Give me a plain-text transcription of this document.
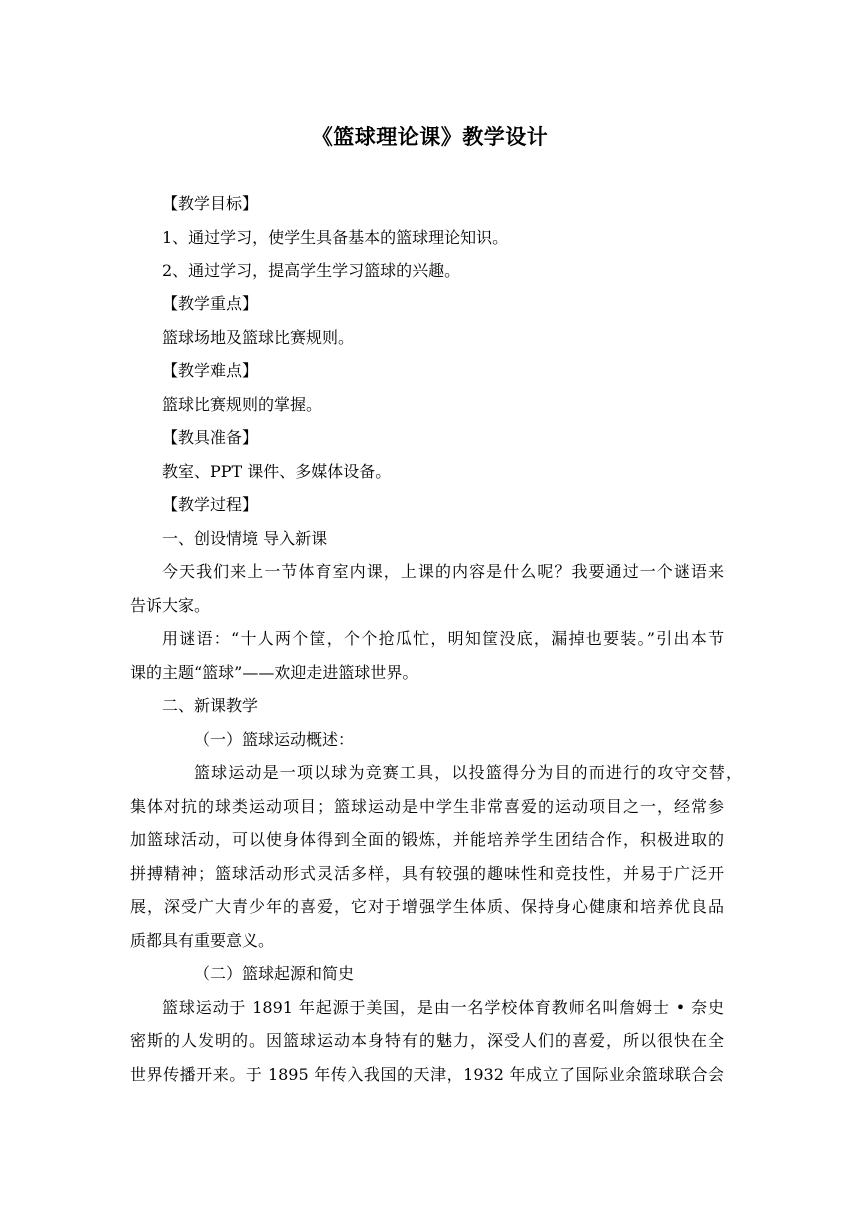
《篮球理论课》教学设计

【教学目标】

1、通过学习，使学生具备基本的篮球理论知识。

2、通过学习，提高学生学习篮球的兴趣。

【教学重点】

篮球场地及篮球比赛规则。

【教学难点】

篮球比赛规则的掌握。

【教具准备】

教室、PPT 课件、多媒体设备。

【教学过程】

一、创设情境 导入新课

今天我们来上一节体育室内课，上课的内容是什么呢？我要通过一个谜语来

告诉大家。

用谜语：“十人两个筐，个个抢瓜忙，明知筐没底，漏掉也要装。”引出本节

课的主题“篮球”——欢迎走进篮球世界。

二、新课教学

（一）篮球运动概述：

篮球运动是一项以球为竞赛工具，以投篮得分为目的而进行的攻守交替，

集体对抗的球类运动项目；篮球运动是中学生非常喜爱的运动项目之一，经常参

加篮球活动，可以使身体得到全面的锻炼，并能培养学生团结合作，积极进取的

拼搏精神；篮球活动形式灵活多样，具有较强的趣味性和竞技性，并易于广泛开

展，深受广大青少年的喜爱，它对于增强学生体质、保持身心健康和培养优良品

质都具有重要意义。

（二）篮球起源和简史

篮球运动于 1891 年起源于美国，是由一名学校体育教师名叫詹姆士 • 奈史

密斯的人发明的。因篮球运动本身特有的魅力，深受人们的喜爱，所以很快在全

世界传播开来。于 1895 年传入我国的天津，1932 年成立了国际业余篮球联合会
